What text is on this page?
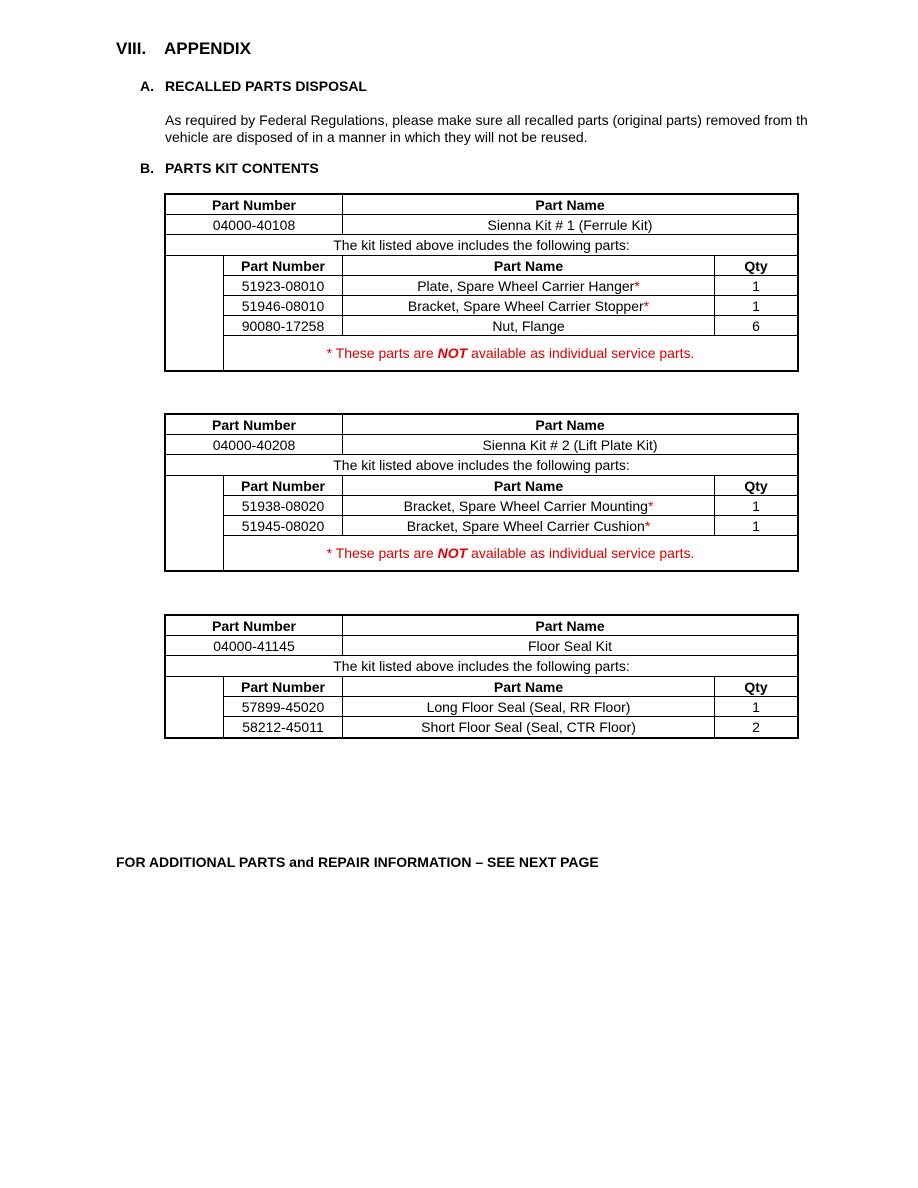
VIII. APPENDIX
A. RECALLED PARTS DISPOSAL
As required by Federal Regulations, please make sure all recalled parts (original parts) removed from th
vehicle are disposed of in a manner in which they will not be reused.
B. PARTS KIT CONTENTS
Part Number	Part Name
04000-40108	Sienna Kit # 1 (Ferrule Kit)
The kit listed above includes the following parts:
Part Number	Part Name	Qty
51923-08010	Plate, Spare Wheel Carrier Hanger *	1
51946-08010	Bracket, Spare Wheel Carrier Stopper *	1
90080-17258	Nut, Flange	6
* These parts are NOT available as individual service parts.
Part Number	Part Name
04000-40208	Sienna Kit # 2 (Lift Plate Kit)
The kit listed above includes the following parts:
Part Number	Part Name	Qty
51938-08020	Bracket, Spare Wheel Carrier Mounting *	1
51945-08020	Bracket, Spare Wheel Carrier Cushion *	1
* These parts are NOT available as individual service parts.
Part Number	Part Name
04000-41145	Floor Seal Kit
The kit listed above includes the following parts:
Part Number	Part Name	Qty
57899-45020	Long Floor Seal (Seal, RR Floor)	1
58212-45011	Short Floor Seal (Seal, CTR Floor)	2
FOR ADDITIONAL PARTS and REPAIR INFORMATION – SEE NEXT PAGE
